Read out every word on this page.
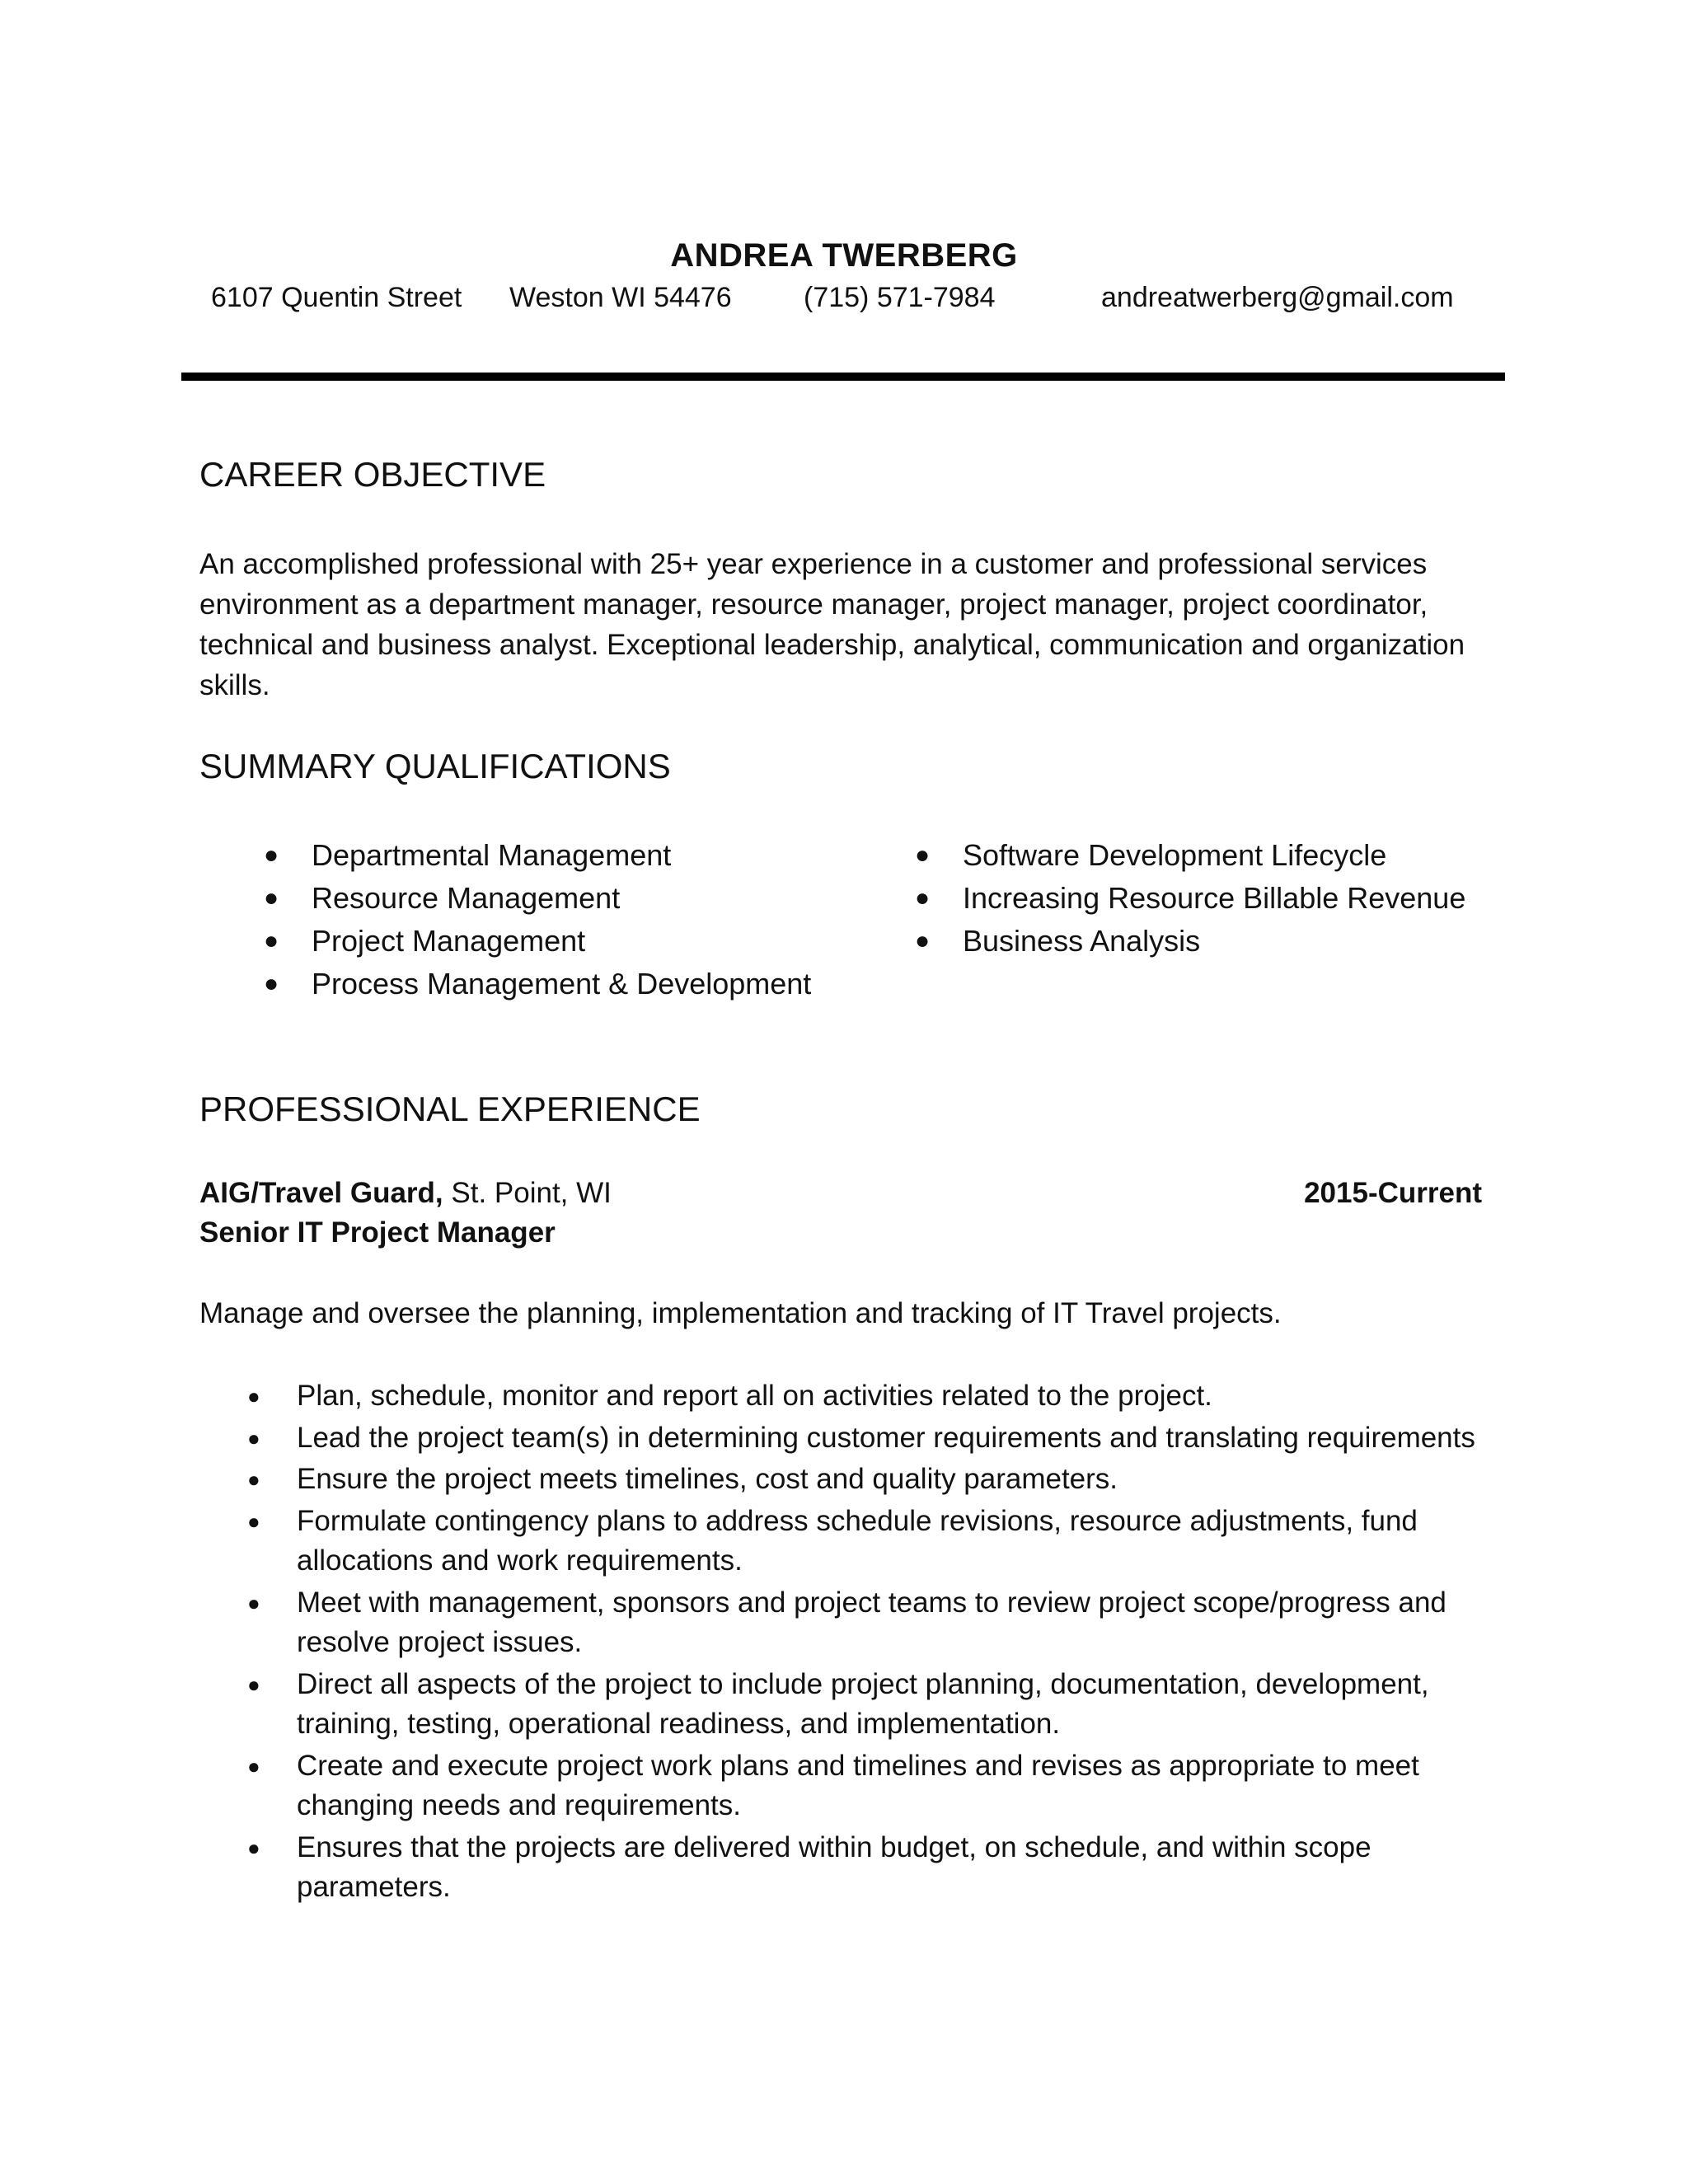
ANDREA TWERBERG
6107 Quentin Street Weston WI 54476	(715) 571-7984	andreatwerberg@gmail.com
CAREER OBJECTIVE
An accomplished professional with 25+ year experience in a customer and professional services environment as a department manager, resource manager, project manager, project coordinator, technical and business analyst. Exceptional leadership, analytical, communication and organization skills.
SUMMARY QUALIFICATIONS
● Departmental Management
● Resource Management
● Project Management
● Process Management & Development
● Software Development Lifecycle
● Increasing Resource Billable Revenue
● Business Analysis
PROFESSIONAL EXPERIENCE
AIG/Travel Guard, St. Point, WI	2015-Current
Senior IT Project Manager
Manage and oversee the planning, implementation and tracking of IT Travel projects.
● Plan, schedule, monitor and report all on activities related to the project.
● Lead the project team(s) in determining customer requirements and translating requirements
● Ensure the project meets timelines, cost and quality parameters.
● Formulate contingency plans to address schedule revisions, resource adjustments, fund allocations and work requirements.
● Meet with management, sponsors and project teams to review project scope/progress and resolve project issues.
● Direct all aspects of the project to include project planning, documentation, development, training, testing, operational readiness, and implementation.
● Create and execute project work plans and timelines and revises as appropriate to meet changing needs and requirements.
● Ensures that the projects are delivered within budget, on schedule, and within scope parameters.
